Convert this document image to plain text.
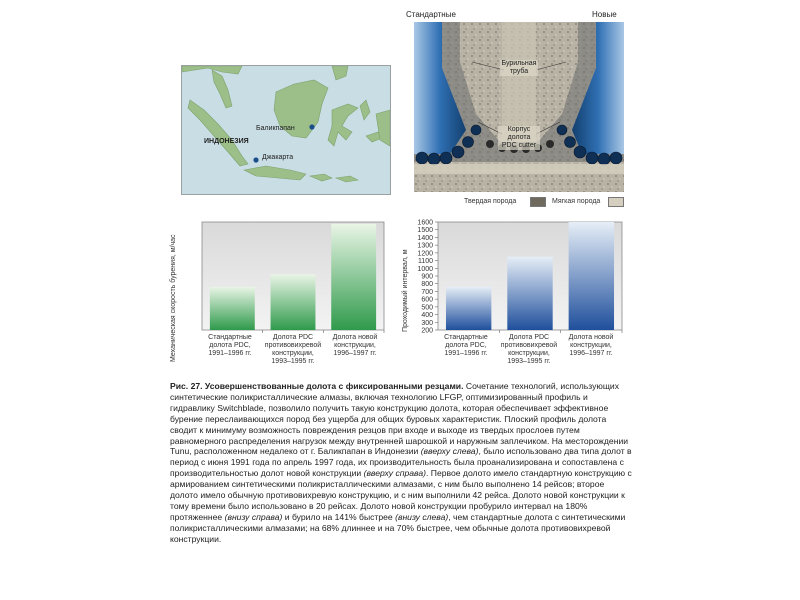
ИНДОНЕЗИЯ
Баликпапан
Джакарта
Стандартные	Новые
Бурильная
труба
Корпус
долота
PDC cutter
Твердая порода	Мягкая порода
Механическая скорость бурения, м/час	Стандартные
долота PDC,
1991–1996 гг.
Долота PDC
противовихревой
конструкции,
1993–1995 гг.
Долота новой
конструкции,
1996–1997 гг.
Проходимый интервал, м 200
300
400
500
600
700
800
900
1000
1100
1200
1300
1400
1500
1600
Стандартные
долота PDC,
1991–1996 гг.
Долота PDC
противовихревой
конструкции,
1993–1995 гг.
Долота новой
конструкции,
1996–1997 гг.
Рис. 27. Усовершенствованные долота с фиксированными резцами. Сочетание технологий, использующих синтетические поликристаллические алмазы, включая технологию LFGP, оптимизированный профиль и гидравлику Switchblade, позволило получить такую конструкцию долота, которая обеспечивает эффективное бурение переслаивающихся пород без ущерба для общих буровых характеристик. Плоский профиль долота сводит к минимуму возможность повреждения резцов при входе и выходе из твердых прослоев путем равномерного распределения нагрузок между внутренней шарошкой и наружным заплечиком. На месторождении Tunu, расположенном недалеко от г. Баликпапан в Индонезии (вверху слева), было использовано два типа долот в период с июня 1991 года по апрель 1997 года, их производительность была проанализирована и сопоставлена с производительностью долот новой конструкции (вверху справа). Первое долото имело стандартную конструкцию с армированием синтетическими поликристаллическими алмазами, с ним было выполнено 14 рейсов; второе долото имело обычную противовихревую конструкцию, и с ним выполнили 42 рейса. Долото новой конструкции к тому времени было использовано в 20 рейсах. Долото новой конструкции пробурило интервал на 180% протяженнее (внизу справа) и бурило на 141% быстрее (внизу слева), чем стандартные долота с синтетическими поликристаллическими алмазами; на 68% длиннее и на 70% быстрее, чем обычные долота противовихревой конструкции.
